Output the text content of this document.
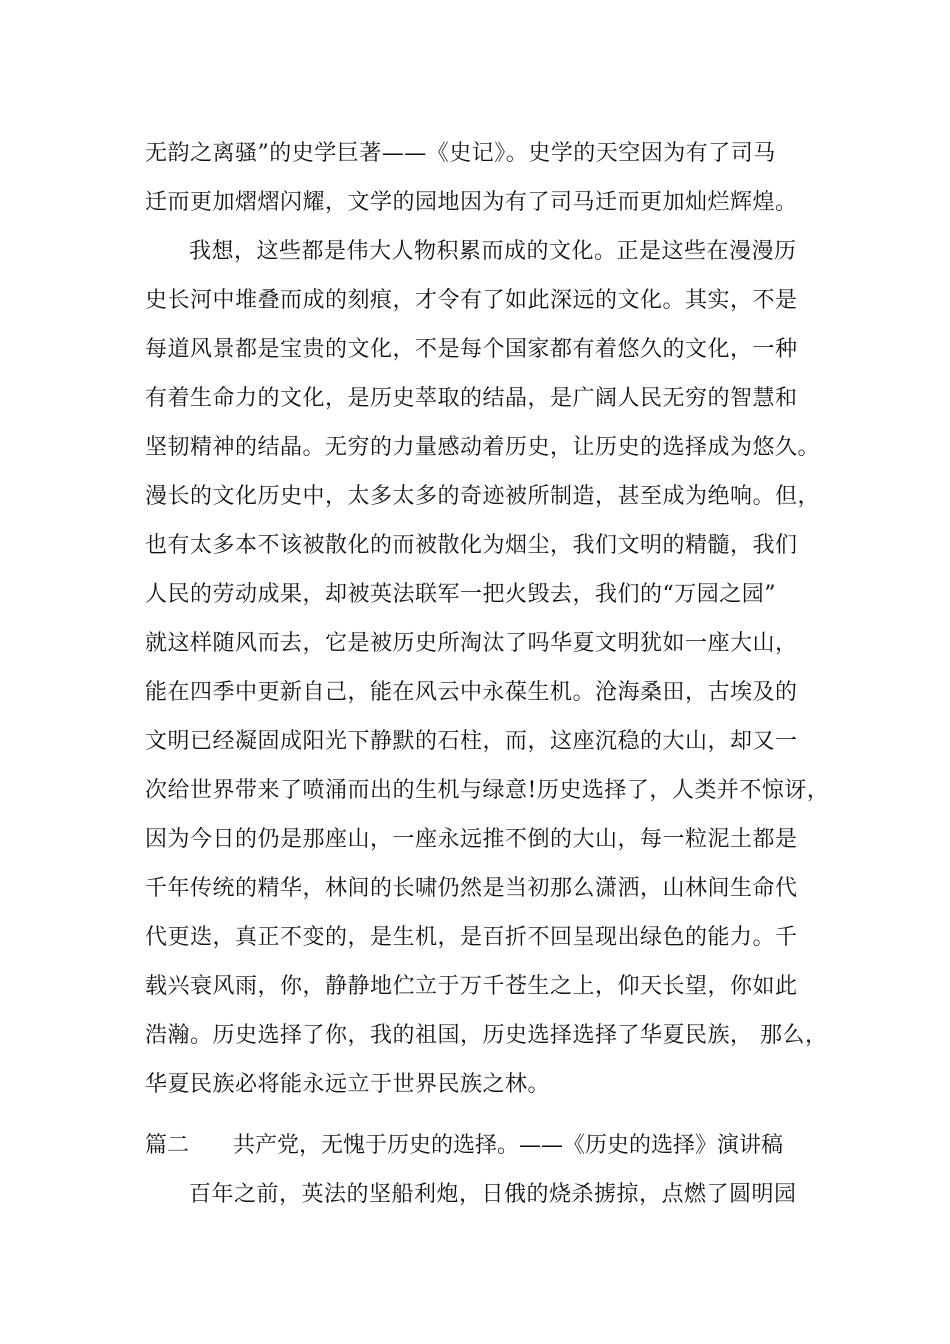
无韵之离骚”的史学巨著——《史记》。史学的天空因为有了司马
迁而更加熠熠闪耀，文学的园地因为有了司马迁而更加灿烂辉煌。
我想，这些都是伟大人物积累而成的文化。正是这些在漫漫历
史长河中堆叠而成的刻痕，才令有了如此深远的文化。其实，不是
每道风景都是宝贵的文化，不是每个国家都有着悠久的文化，一种
有着生命力的文化，是历史萃取的结晶，是广阔人民无穷的智慧和
坚韧精神的结晶。无穷的力量感动着历史，让历史的选择成为悠久。
漫长的文化历史中，太多太多的奇迹被所制造，甚至成为绝响。但，
也有太多本不该被散化的而被散化为烟尘，我们文明的精髓，我们
人民的劳动成果，却被英法联军一把火毁去，我们的“万园之园”
就这样随风而去，它是被历史所淘汰了吗华夏文明犹如一座大山，
能在四季中更新自己，能在风云中永葆生机。沧海桑田，古埃及的
文明已经凝固成阳光下静默的石柱，而，这座沉稳的大山，却又一
次给世界带来了喷涌而出的生机与绿意!历史选择了，人类并不惊讶，
因为今日的仍是那座山，一座永远推不倒的大山，每一粒泥土都是
千年传统的精华，林间的长啸仍然是当初那么潇洒，山林间生命代
代更迭，真正不变的，是生机，是百折不回呈现出绿色的能力。千
载兴衰风雨，你，静静地伫立于万千苍生之上，仰天长望，你如此
浩瀚。历史选择了你，我的祖国，历史选择选择了华夏民族， 那么，
华夏民族必将能永远立于世界民族之林。
篇二 共产党，无愧于历史的选择。——《历史的选择》演讲稿
百年之前，英法的坚船利炮，日俄的烧杀掳掠，点燃了圆明园
